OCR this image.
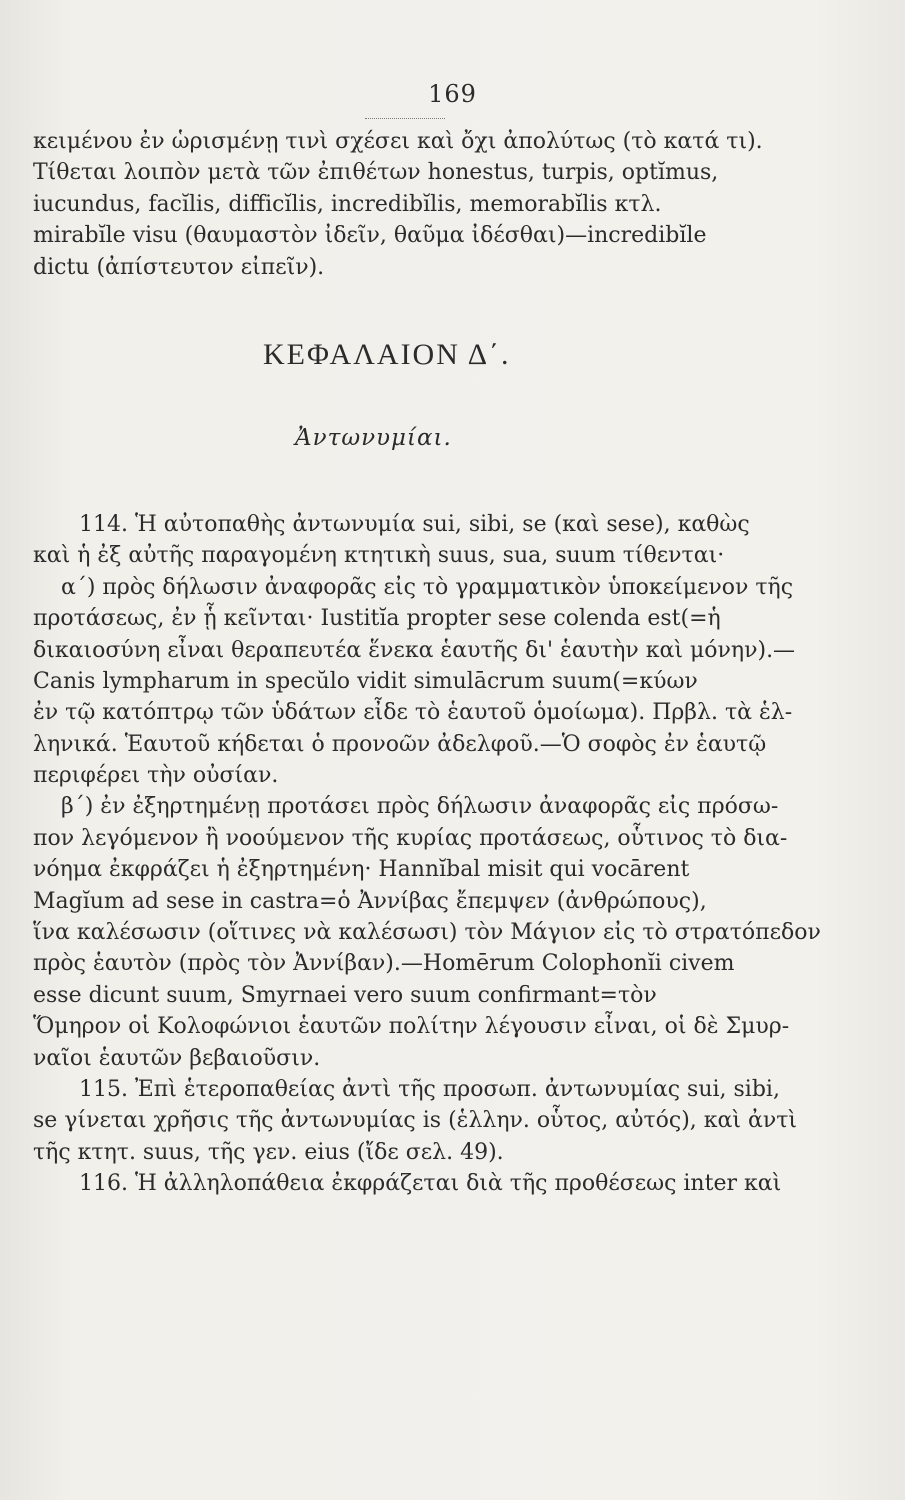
169
κειμένου ἐν ὡρισμένῃ τινὶ σχέσει καὶ ὄχι ἀπολύτως (τὸ κατά τι).
Τίθεται λοιπὸν μετὰ τῶν ἐπιθέτων honestus, turpis, optĭmus,
iucundus, facĭlis, difficĭlis, incredibĭlis, memorabĭlis κτλ.
mirabĭle visu (θαυμαστὸν ἰδεῖν, θαῦμα ἰδέσθαι)—incredibĭle
dictu (ἀπίστευτον εἰπεῖν).
ΚΕΦΑΛΑΙΟΝ Δ΄.
Ἀντωνυμίαι.
114. Ἡ αὐτοπαθὴς ἀντωνυμία sui, sibi, se (καὶ sese), καθὼς
καὶ ἡ ἐξ αὐτῆς παραγομένη κτητικὴ suus, sua, suum τίθενται·
α΄) πρὸς δήλωσιν ἀναφορᾶς εἰς τὸ γραμματικὸν ὑποκείμενον τῆς
προτάσεως, ἐν ᾗ κεῖνται· Iustitĭa propter sese colenda est(=ἡ
δικαιοσύνη εἶναι θεραπευτέα ἕνεκα ἑαυτῆς δι' ἑαυτὴν καὶ μόνην).—
Canis lympharum in specŭlo vidit simulācrum suum(=κύων
ἐν τῷ κατόπτρῳ τῶν ὑδάτων εἶδε τὸ ἑαυτοῦ ὁμοίωμα). Πρβλ. τὰ ἑλ-
ληνικά. Ἑαυτοῦ κήδεται ὁ προνοῶν ἀδελφοῦ.—Ὁ σοφὸς ἐν ἑαυτῷ
περιφέρει τὴν οὐσίαν.
β΄) ἐν ἐξηρτημένῃ προτάσει πρὸς δήλωσιν ἀναφορᾶς εἰς πρόσω-
πον λεγόμενον ἢ νοούμενον τῆς κυρίας προτάσεως, οὗτινος τὸ δια-
νόημα ἐκφράζει ἡ ἐξηρτημένη· Hannĭbal misit qui vocārent
Magĭum ad sese in castra=ὁ Ἀννίβας ἔπεμψεν (ἀνθρώπους),
ἵνα καλέσωσιν (οἵτινες νὰ καλέσωσι) τὸν Μάγιον εἰς τὸ στρατόπεδον
πρὸς ἑαυτὸν (πρὸς τὸν Ἀννίβαν).—Homērum Colophonĭi civem
esse dicunt suum, Smyrnaei vero suum confirmant=τὸν
Ὅμηρον οἱ Κολοφώνιοι ἑαυτῶν πολίτην λέγουσιν εἶναι, οἱ δὲ Σμυρ-
ναῖοι ἑαυτῶν βεβαιοῦσιν.
115. Ἐπὶ ἑτεροπαθείας ἀντὶ τῆς προσωπ. ἀντωνυμίας sui, sibi,
se γίνεται χρῆσις τῆς ἀντωνυμίας is (ἑλλην. οὗτος, αὐτός), καὶ ἀντὶ
τῆς κτητ. suus, τῆς γεν. eius (ἴδε σελ. 49).
116. Ἡ ἀλληλοπάθεια ἐκφράζεται διὰ τῆς προθέσεως inter καὶ
